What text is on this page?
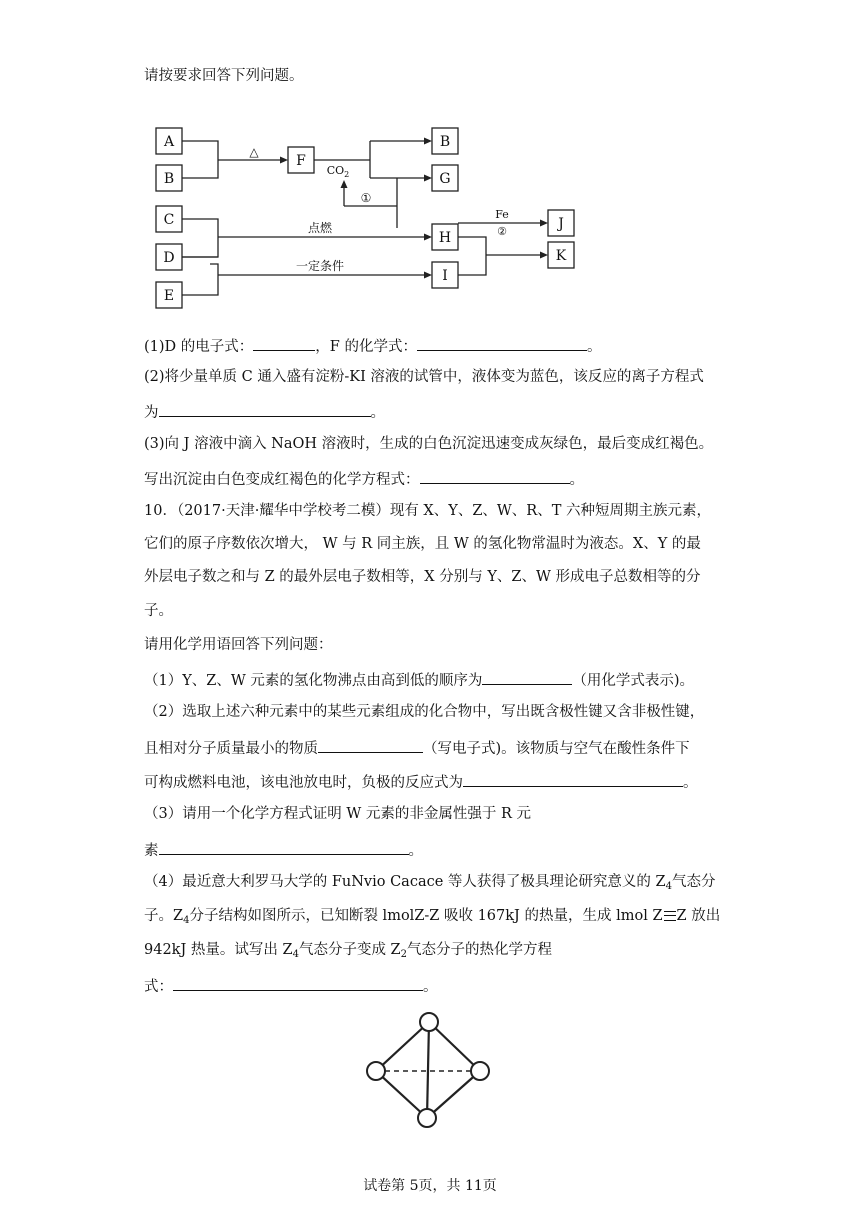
请按要求回答下列问题。
A
B
C
D
E
F
B
G
H
I
J
K
△
$CO_2$
①
点燃
一定条件
Fe
②
(1)D 的电子式：	，F 的化学式：	。
(2)将少量单质 C 通入盛有淀粉-KI 溶液的试管中，液体变为蓝色，该反应的离子方程式
为	。
(3)向 J 溶液中滴入 NaOH 溶液时，生成的白色沉淀迅速变成灰绿色，最后变成红褐色。
写出沉淀由白色变成红褐色的化学方程式：	。
10．（2017·天津·耀华中学校考二模）现有 X、Y、Z、W、R、T 六种短周期主族元素，
它们的原子序数依次增大， W 与 R 同主族，且 W 的氢化物常温时为液态。X、Y 的最
外层电子数之和与 Z 的最外层电子数相等，X 分别与 Y、Z、W 形成电子总数相等的分
子。
请用化学用语回答下列问题：
（1）Y、Z、W 元素的氢化物沸点由高到低的顺序为	（用化学式表示)。
（2）选取上述六种元素中的某些元素组成的化合物中，写出既含极性键又含非极性键，
且相对分子质量最小的物质	（写电子式)。该物质与空气在酸性条件下
可构成燃料电池，该电池放电时，负极的反应式为	。
（3）请用一个化学方程式证明 W 元素的非金属性强于 R 元
素	。
（4）最近意大利罗马大学的 FuNvio Cacace 等人获得了极具理论研究意义的 $Z_4$气态分
子。$Z_4$分子结构如图所示，已知断裂 lmolZ-Z 吸收 167kJ 的热量，生成 lmol Z Z 放出
942kJ 热量。试写出 $Z_4$气态分子变成 $Z_2$气态分子的热化学方程
式：	。
试卷第 5页，共 11页
